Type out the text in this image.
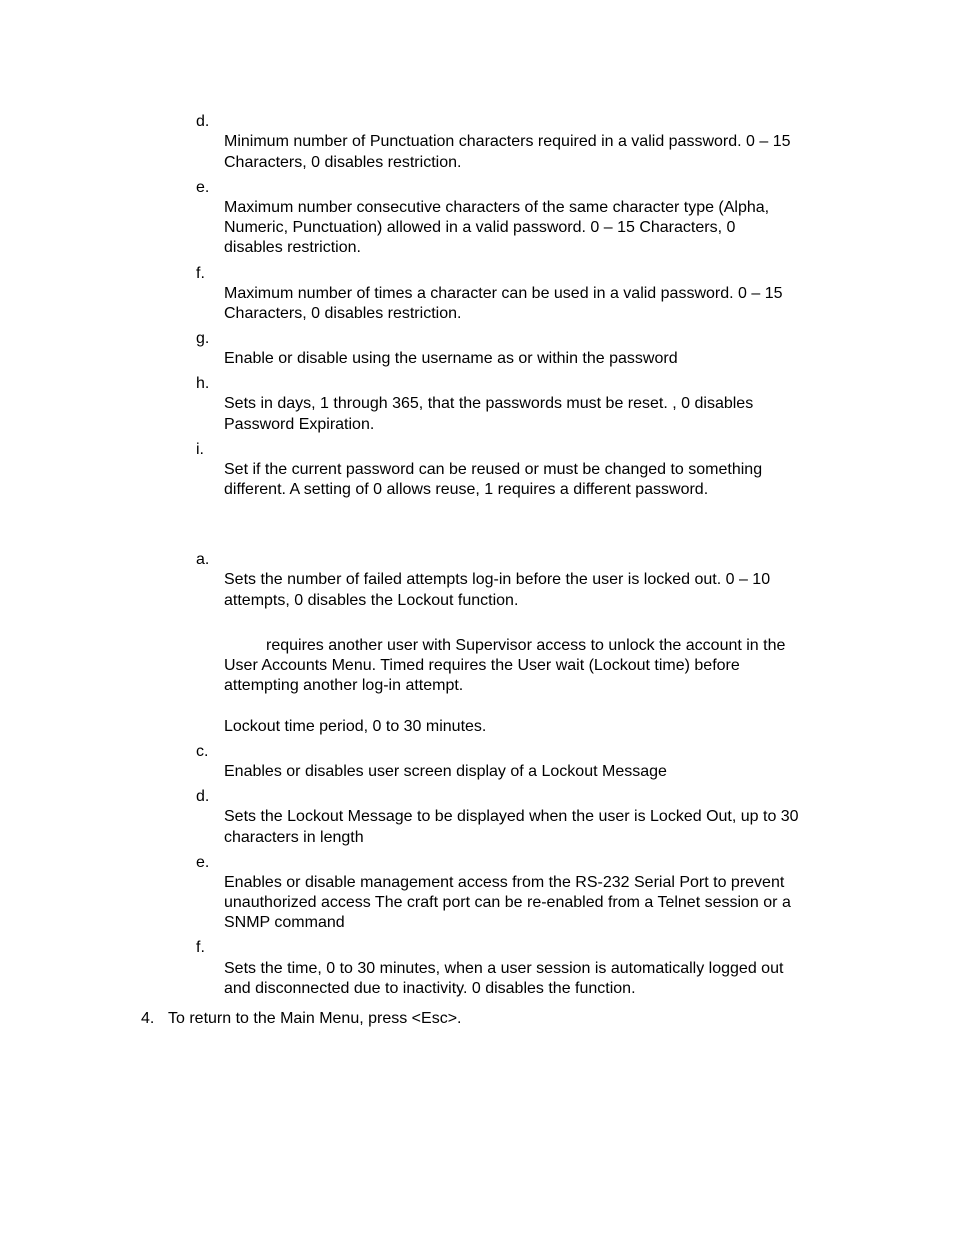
d.

Minimum number of Punctuation characters required in a valid password. 0 – 15

Characters, 0 disables restriction.

e.

Maximum number consecutive characters of the same character type (Alpha,

Numeric, Punctuation) allowed in a valid password. 0 – 15 Characters, 0

disables restriction.

f.

Maximum number of times a character can be used in a valid password. 0 – 15

Characters, 0 disables restriction.

g.

Enable or disable using the username as or within the password

h.

Sets in days, 1 through 365, that the passwords must be reset. , 0 disables

Password Expiration.

i.

Set if the current password can be reused or must be changed to something

different. A setting of 0 allows reuse, 1 requires a different password.

a.

Sets the number of failed attempts log-in before the user is locked out. 0 – 10

attempts, 0 disables the Lockout function.

requires another user with Supervisor access to unlock the account in the

User Accounts Menu. Timed requires the User wait (Lockout time) before

attempting another log-in attempt.

Lockout time period, 0 to 30 minutes.

c.

Enables or disables user screen display of a Lockout Message

d.

Sets the Lockout Message to be displayed when the user is Locked Out, up to 30

characters in length

e.

Enables or disable management access from the RS-232 Serial Port to prevent

unauthorized access The craft port can be re-enabled from a Telnet session or a

SNMP command

f.

Sets the time, 0 to 30 minutes, when a user session is automatically logged out

and disconnected due to inactivity. 0 disables the function.

4. To return to the Main Menu, press <Esc>.
